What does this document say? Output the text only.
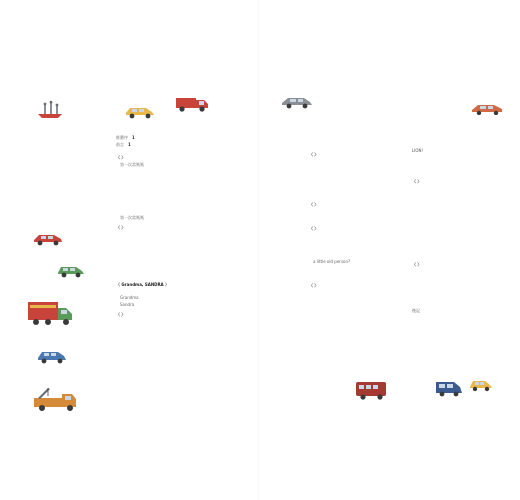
推薦序 1
前言 1
〈 〉
第一次當媽媽
第一次當媽媽
〈 〉
〈 Grandma, SANDRA 〉
Grandma
Sandra
〈 〉
〈 〉
〈 〉
〈 〉
a little old person?
〈 〉
LION!
〈 〉
〈 〉
後記
